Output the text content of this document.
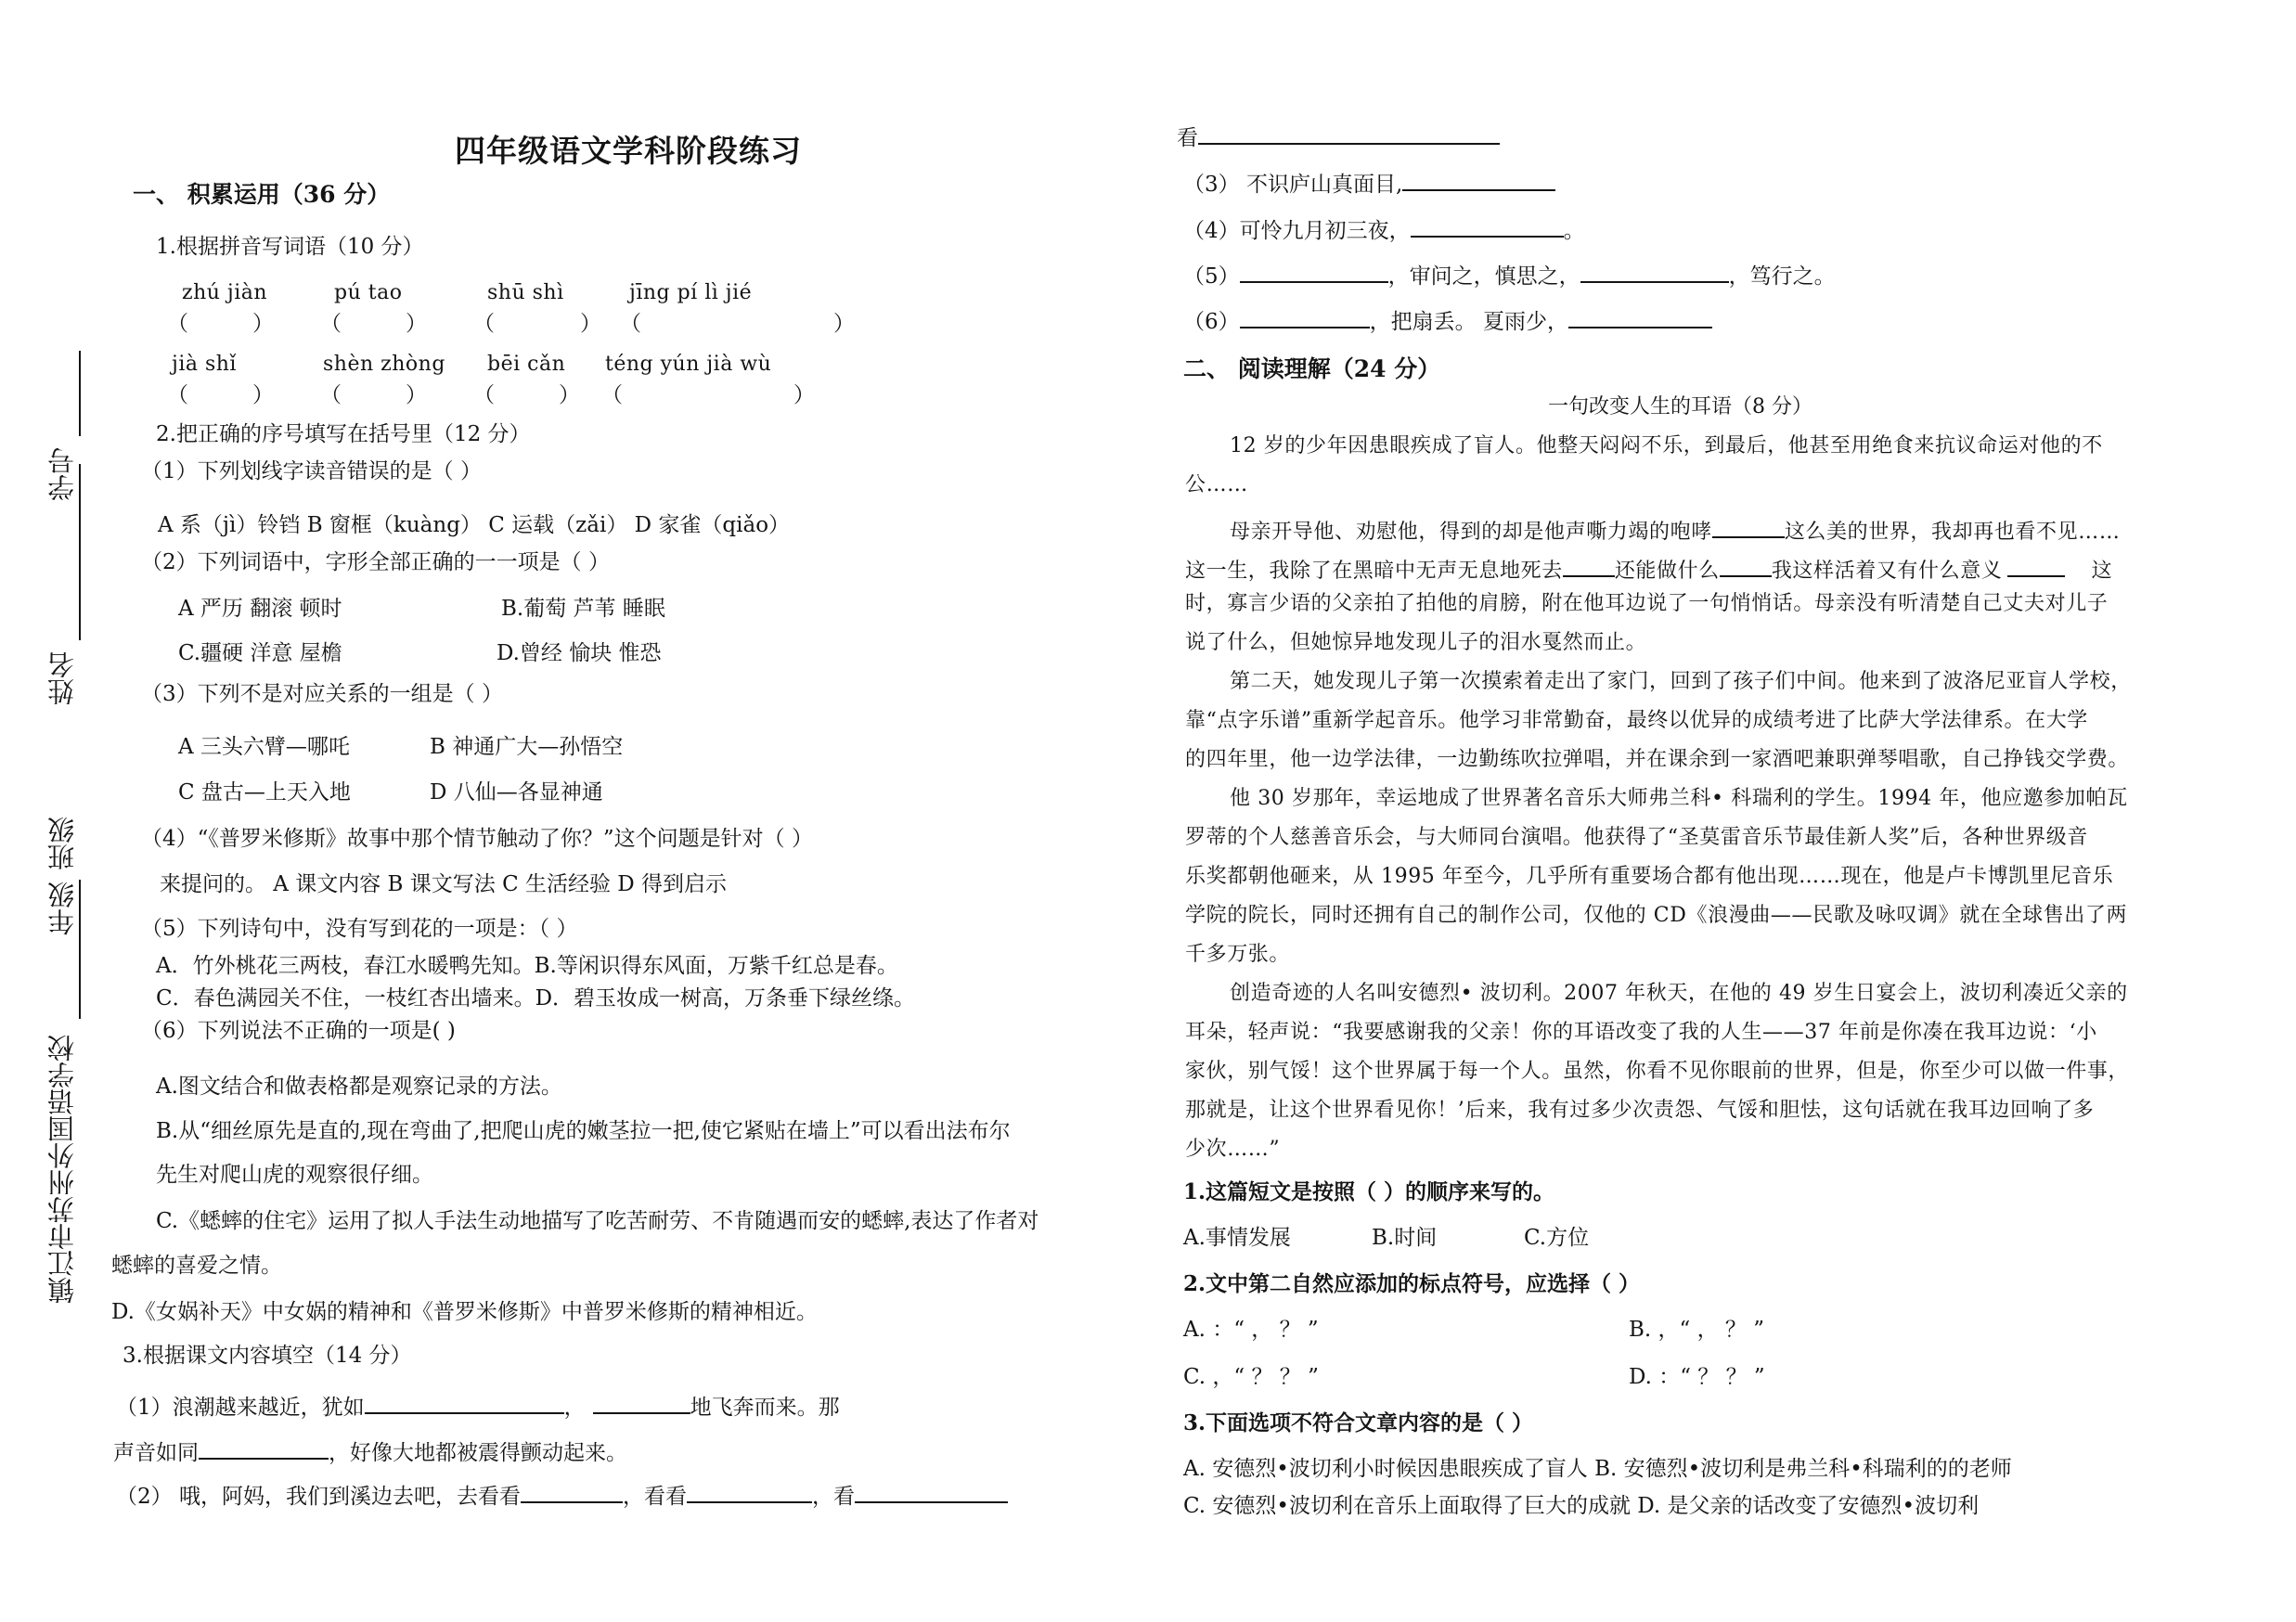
镇江市苏州外国语学校
年级
班级
姓名
学号
四年级语文学科阶段练习
一、 积累运用（36 分）
1.根据拼音写词语（10 分）
zhú jiàn	pú tao	shū shì	jīng pí lì jié
（　　　） （　　　） （　　　　） （　　　　　　　　　）
jià shǐ	shèn zhòng bēi cǎn téng yún jià wù
（　　　） （　　　） （　　　） （　　　　　　　　）
2.把正确的序号填写在括号里（12 分）
（1）下列划线字读音错误的是（ ）
A 系（jì）铃铛 B 窗框（kuàng） C 运载（zǎi） D 家雀（qiǎo）
（2）下列词语中，字形全部正确的一一项是（ ）
A 严历 翻滚 顿时	B.葡萄 芦苇 睡眠
C.疆硬 洋意 屋檐	D.曾经 愉块 惟恐
（3）下列不是对应关系的一组是（ ）
A 三头六臂—哪吒	B 神通广大—孙悟空
C 盘古—上天入地	D 八仙—各显神通
（4）“《普罗米修斯》故事中那个情节触动了你？”这个问题是针对（ ）
来提问的。 A 课文内容 B 课文写法 C 生活经验 D 得到启示
（5）下列诗句中，没有写到花的一项是：（ ）
A．竹外桃花三两枝，春江水暖鸭先知。B.等闲识得东风面，万紫千红总是春。
C．春色满园关不住，一枝红杏出墙来。D．碧玉妆成一树高，万条垂下绿丝绦。
（6）下列说法不正确的一项是( )
A.图文结合和做表格都是观察记录的方法。
B.从“细丝原先是直的,现在弯曲了,把爬山虎的嫩茎拉一把,使它紧贴在墙上”可以看出法布尔
先生对爬山虎的观察很仔细。
C.《蟋蟀的住宅》运用了拟人手法生动地描写了吃苦耐劳、不肯随遇而安的蟋蟀,表达了作者对
蟋蟀的喜爱之情。
D.《女娲补天》中女娲的精神和《普罗米修斯》中普罗米修斯的精神相近。
3.根据课文内容填空（14 分）
（1）浪潮越来越近，犹如	，	地飞奔而来。那
声音如同	，好像大地都被震得颤动起来。
（2） 哦，阿妈，我们到溪边去吧，去看看	，看看	，看
看
（3） 不识庐山真面目,
（4）可怜九月初三夜，	。
（5）	，审问之，慎思之，	，笃行之。
（6）	，把扇丢。 夏雨少，
二、 阅读理解（24 分）
一句改变人生的耳语（8 分）
12 岁的少年因患眼疾成了盲人。他整天闷闷不乐，到最后，他甚至用绝食来抗议命运对他的不
公……
母亲开导他、劝慰他，得到的却是他声嘶力竭的咆哮	这么美的世界，我却再也看不见……
这一生，我除了在黑暗中无声无息地死去	还能做什么	我这样活着又有什么意义	这
时，寡言少语的父亲拍了拍他的肩膀，附在他耳边说了一句悄悄话。母亲没有听清楚自己丈夫对儿子
说了什么，但她惊异地发现儿子的泪水戛然而止。
第二天，她发现儿子第一次摸索着走出了家门，回到了孩子们中间。他来到了波洛尼亚盲人学校，
靠“点字乐谱”重新学起音乐。他学习非常勤奋，最终以优异的成绩考进了比萨大学法律系。在大学
的四年里，他一边学法律，一边勤练吹拉弹唱，并在课余到一家酒吧兼职弹琴唱歌，自己挣钱交学费。
他 30 岁那年，幸运地成了世界著名音乐大师弗兰科• 科瑞利的学生。1994 年，他应邀参加帕瓦
罗蒂的个人慈善音乐会，与大师同台演唱。他获得了“圣莫雷音乐节最佳新人奖”后，各种世界级音
乐奖都朝他砸来，从 1995 年至今，几乎所有重要场合都有他出现……现在，他是卢卡博凯里尼音乐
学院的院长，同时还拥有自己的制作公司，仅他的 CD《浪漫曲——民歌及咏叹调》就在全球售出了两
千多万张。
创造奇迹的人名叫安德烈• 波切利。2007 年秋天，在他的 49 岁生日宴会上，波切利凑近父亲的
耳朵，轻声说：“我要感谢我的父亲！你的耳语改变了我的人生——37 年前是你凑在我耳边说：‘小
家伙，别气馁！这个世界属于每一个人。虽然，你看不见你眼前的世界，但是，你至少可以做一件事，
那就是，让这个世界看见你！’后来，我有过多少次责怨、气馁和胆怯，这句话就在我耳边回响了多
少次……”
1.这篇短文是按照（ ）的顺序来写的。
A.事情发展	B.时间	C.方位
2.文中第二自然应添加的标点符号，应选择（ ）
A. ：“ ， ？ ”	B. ，“ ， ？ ”
C. ，“ ？ ？ ”	D. ：“ ？ ？ ”
3.下面选项不符合文章内容的是（ ）
A. 安德烈•波切利小时候因患眼疾成了盲人 B. 安德烈•波切利是弗兰科•科瑞利的的老师
C. 安德烈•波切利在音乐上面取得了巨大的成就 D. 是父亲的话改变了安德烈•波切利
